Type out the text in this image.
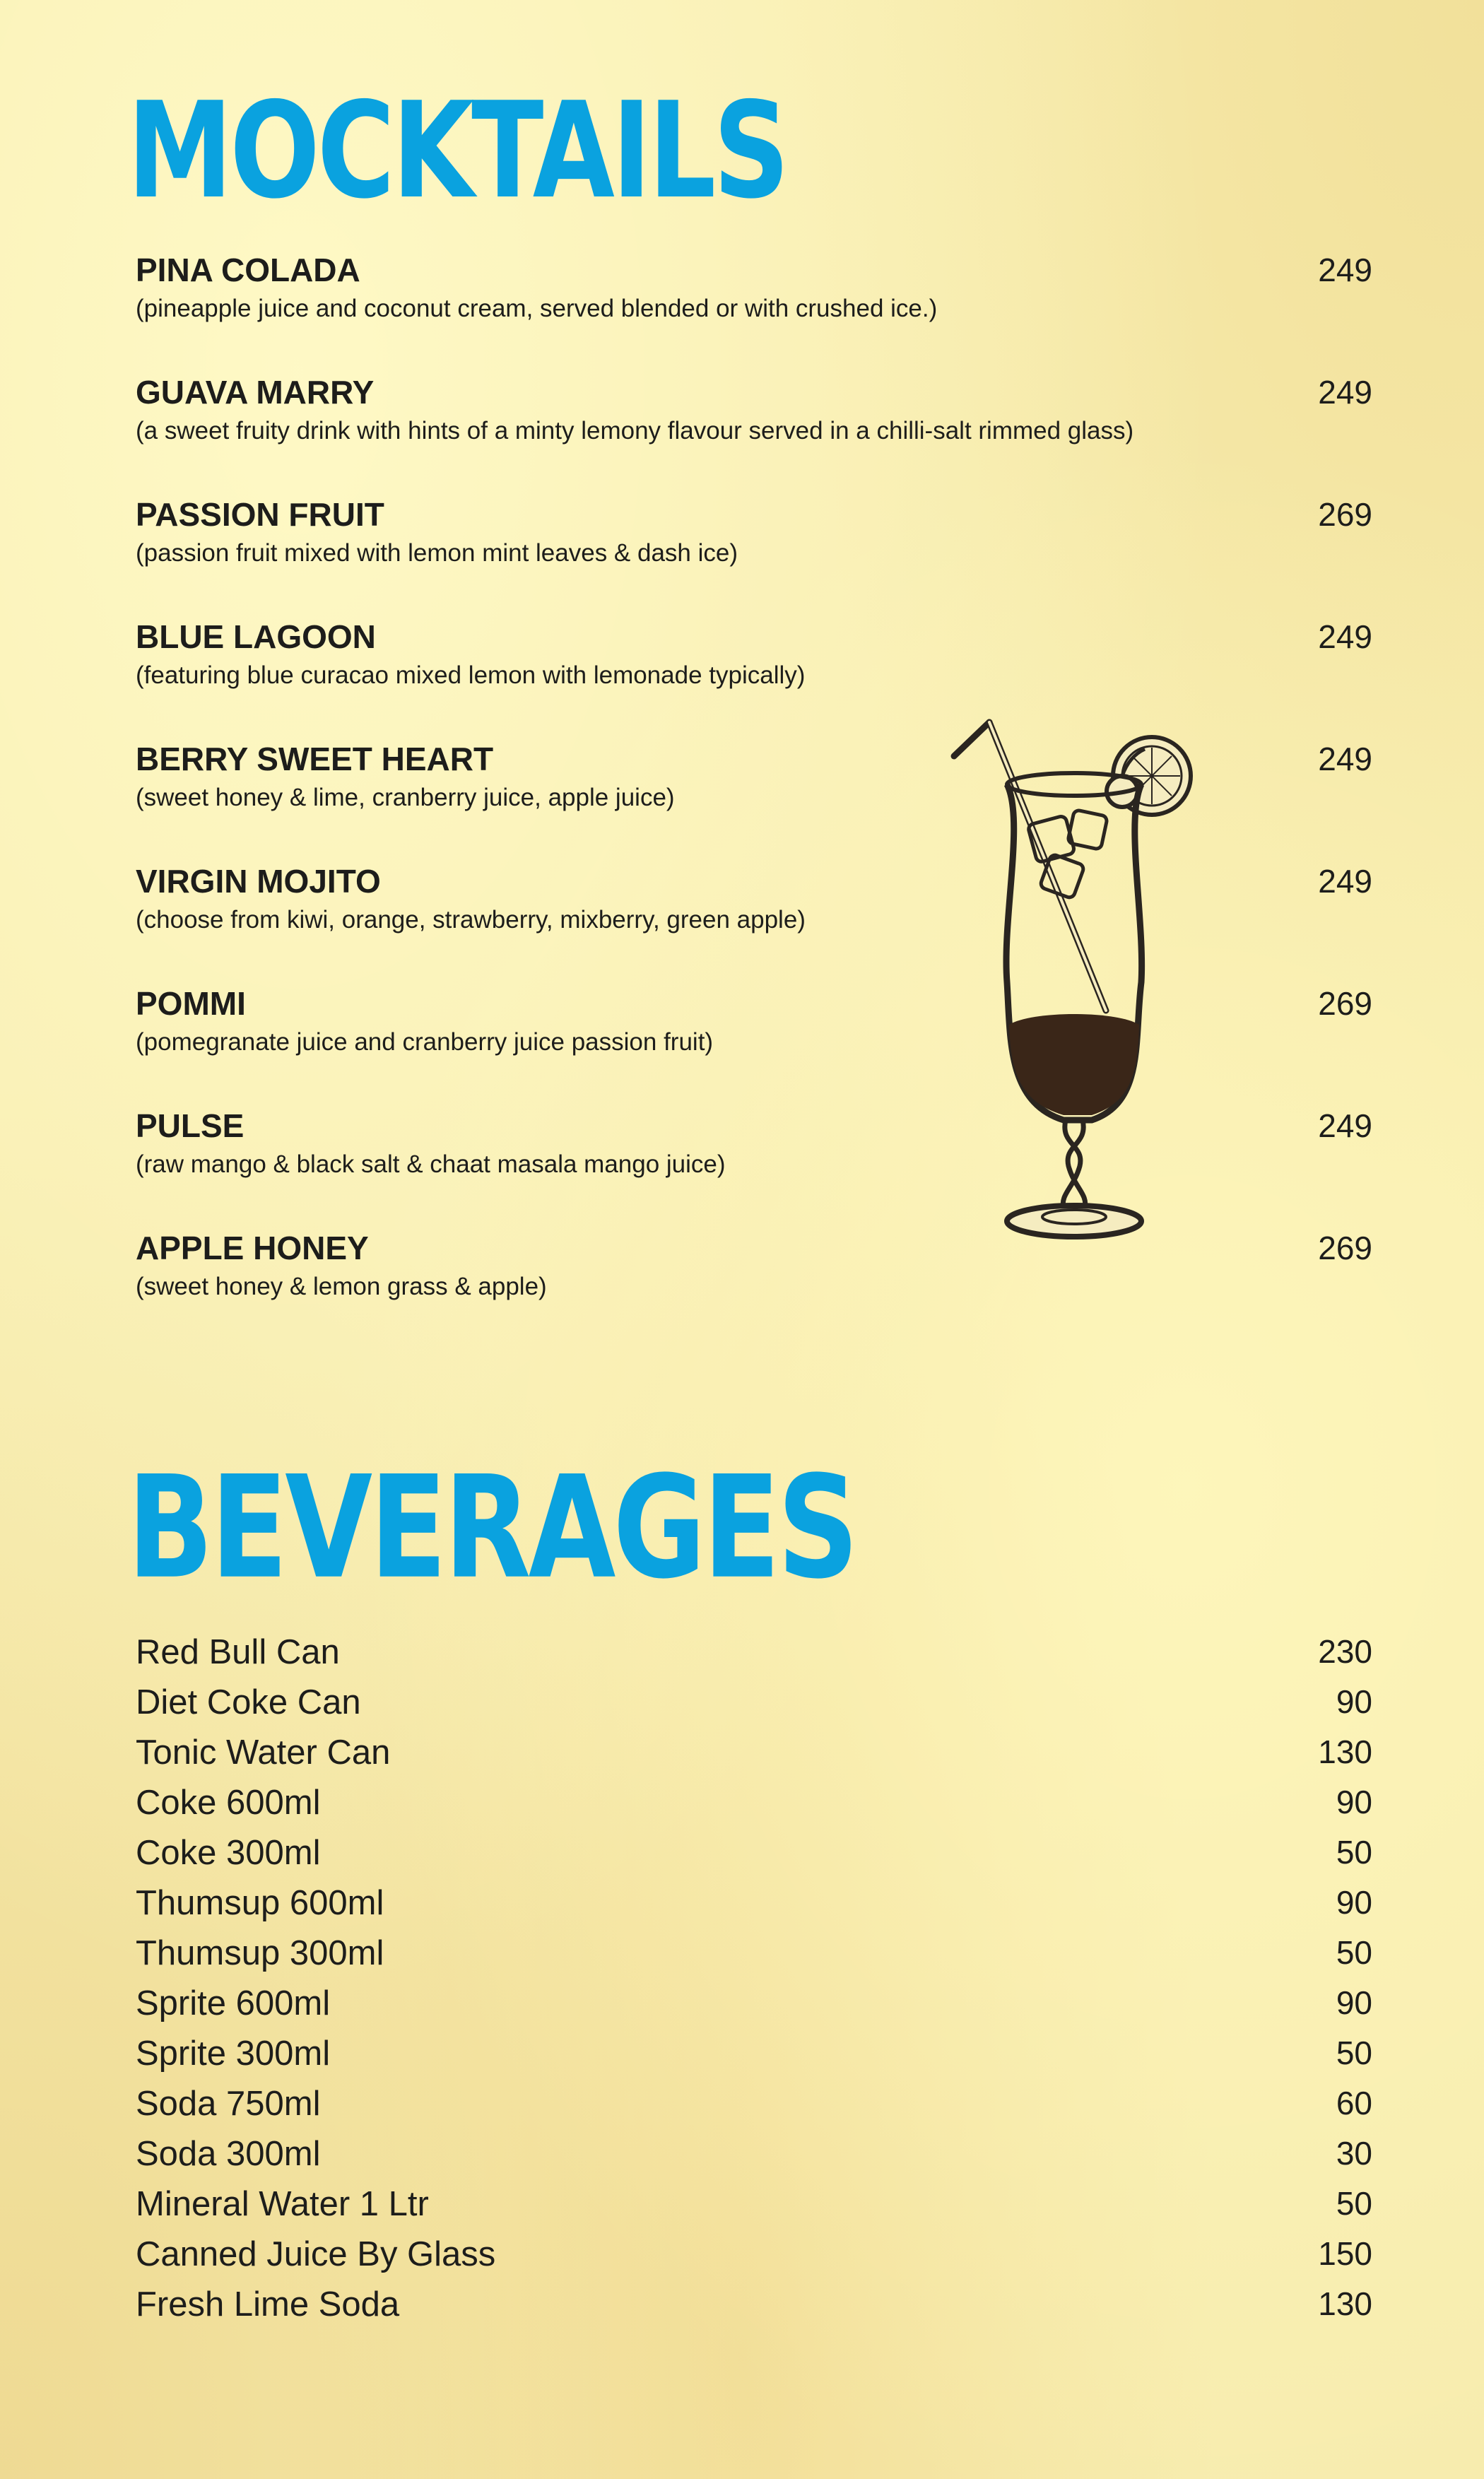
MOCKTAILS
PINA COLADA	249
(pineapple juice and coconut cream, served blended or with crushed ice.)
GUAVA MARRY	249
(a sweet fruity drink with hints of a minty lemony flavour served in a chilli-salt rimmed glass)
PASSION FRUIT	269
(passion fruit mixed with lemon mint leaves & dash ice)
BLUE LAGOON	249
(featuring blue curacao mixed lemon with lemonade typically)
BERRY SWEET HEART	249
(sweet honey & lime, cranberry juice, apple juice)
VIRGIN MOJITO	249
(choose from kiwi, orange, strawberry, mixberry, green apple)
POMMI	269
(pomegranate juice and cranberry juice passion fruit)
PULSE	249
(raw mango & black salt & chaat masala mango juice)
APPLE HONEY	269
(sweet honey & lemon grass & apple)
BEVERAGES
Red Bull Can	230
Diet Coke Can	90
Tonic Water Can	130
Coke 600ml	90
Coke 300ml	50
Thumsup 600ml	90
Thumsup 300ml	50
Sprite 600ml	90
Sprite 300ml	50
Soda 750ml	60
Soda 300ml	30
Mineral Water 1 Ltr	50
Canned Juice By Glass	150
Fresh Lime Soda	130
